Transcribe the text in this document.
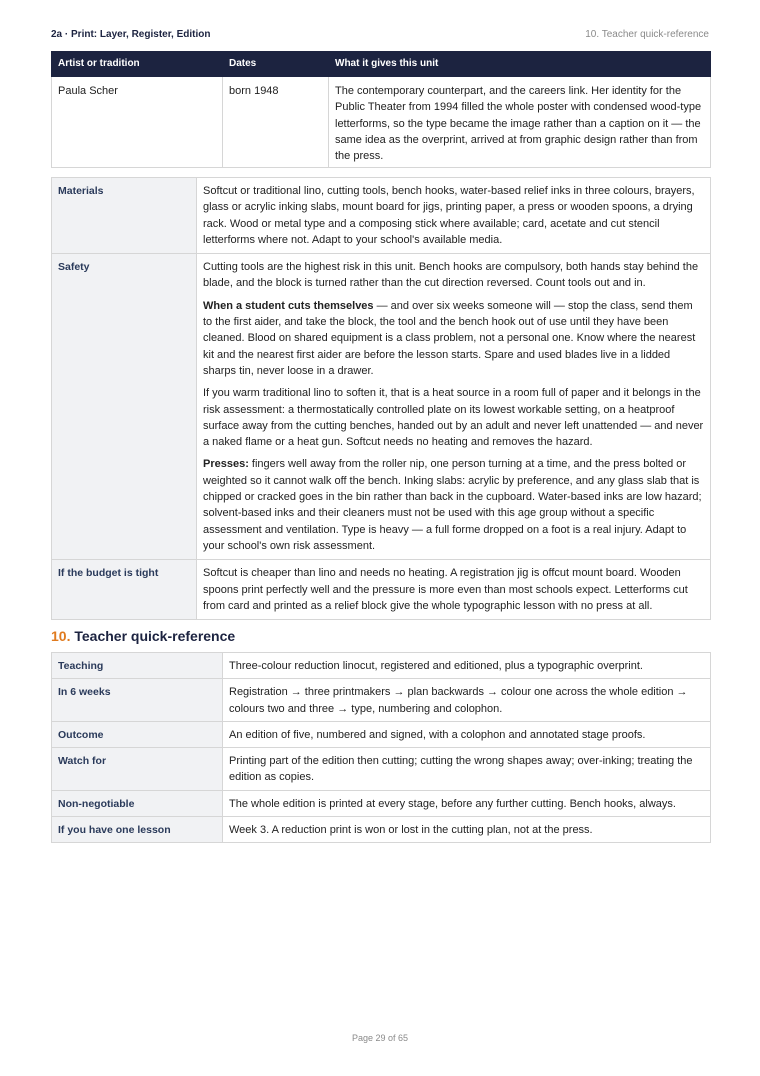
2a · Print: Layer, Register, Edition	10. Teacher quick-reference
Artist or tradition	Dates	What it gives this unit
Paula Scher	born 1948	The contemporary counterpart, and the careers link. Her identity for the Public Theater from 1994 filled the whole poster with condensed wood-type letterforms, so the type became the image rather than a caption on it — the same idea as the overprint, arrived at from graphic design rather than from the press.
Materials	Softcut or traditional lino, cutting tools, bench hooks, water-based relief inks in three colours, brayers, glass or acrylic inking slabs, mount board for jigs, printing paper, a press or wooden spoons, a drying rack. Wood or metal type and a composing stick where available; card, acetate and cut stencil letterforms where not. Adapt to your school's available media.
Safety	Cutting tools are the highest risk in this unit. Bench hooks are compulsory, both hands stay behind the blade, and the block is turned rather than the cut direction reversed. Count tools out and in.

When a student cuts themselves — and over six weeks someone will — stop the class, send them to the first aider, and take the block, the tool and the bench hook out of use until they have been cleaned. Blood on shared equipment is a class problem, not a personal one. Know where the nearest kit and the nearest first aider are before the lesson starts. Spare and used blades live in a lidded sharps tin, never loose in a drawer.

If you warm traditional lino to soften it, that is a heat source in a room full of paper and it belongs in the risk assessment: a thermostatically controlled plate on its lowest workable setting, on a heatproof surface away from the cutting benches, handed out by an adult and never left unattended — and never a naked flame or a heat gun. Softcut needs no heating and removes the hazard.

Presses: fingers well away from the roller nip, one person turning at a time, and the press bolted or weighted so it cannot walk off the bench. Inking slabs: acrylic by preference, and any glass slab that is chipped or cracked goes in the bin rather than back in the cupboard. Water-based inks are low hazard; solvent-based inks and their cleaners must not be used with this age group without a specific assessment and ventilation. Type is heavy — a full forme dropped on a foot is a real injury. Adapt to your school's own risk assessment.

If the budget is tight	Softcut is cheaper than lino and needs no heating. A registration jig is offcut mount board. Wooden spoons print perfectly well and the pressure is more even than most schools expect. Letterforms cut from card and printed as a relief block give the whole typographic lesson with no press at all.
10. Teacher quick-reference
Teaching	Three-colour reduction linocut, registered and editioned, plus a typographic overprint.
In 6 weeks	Registration → three printmakers → plan backwards → colour one across the whole edition → colours two and three → type, numbering and colophon.
Outcome	An edition of five, numbered and signed, with a colophon and annotated stage proofs.
Watch for	Printing part of the edition then cutting; cutting the wrong shapes away; over-inking; treating the edition as copies.
Non-negotiable	The whole edition is printed at every stage, before any further cutting. Bench hooks, always.
If you have one lesson	Week 3. A reduction print is won or lost in the cutting plan, not at the press.
Page 29 of 65
